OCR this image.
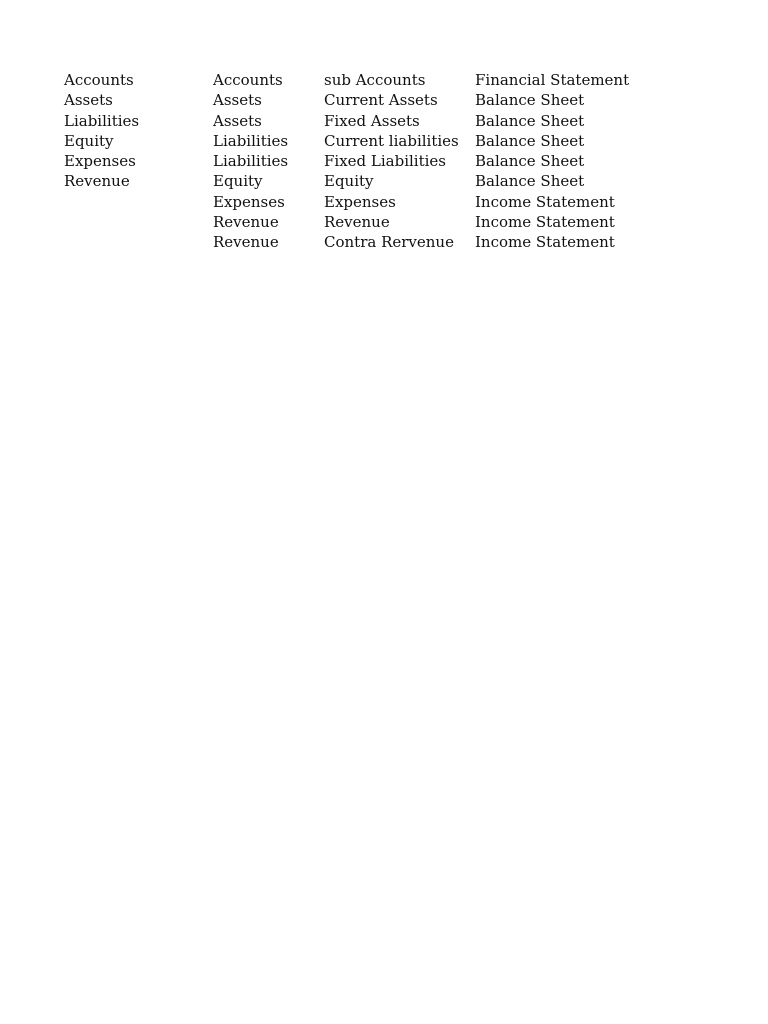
Accounts
Assets
Liabilities
Equity
Expenses
Revenue
Accounts
Assets
Assets
Liabilities
Liabilities
Equity
Expenses
Revenue
Revenue
sub Accounts
Current Assets
Fixed Assets
Current liabilities
Fixed Liabilities
Equity
Expenses
Revenue
Contra Rervenue
Financial Statement
Balance Sheet
Balance Sheet
Balance Sheet
Balance Sheet
Balance Sheet
Income Statement
Income Statement
Income Statement
